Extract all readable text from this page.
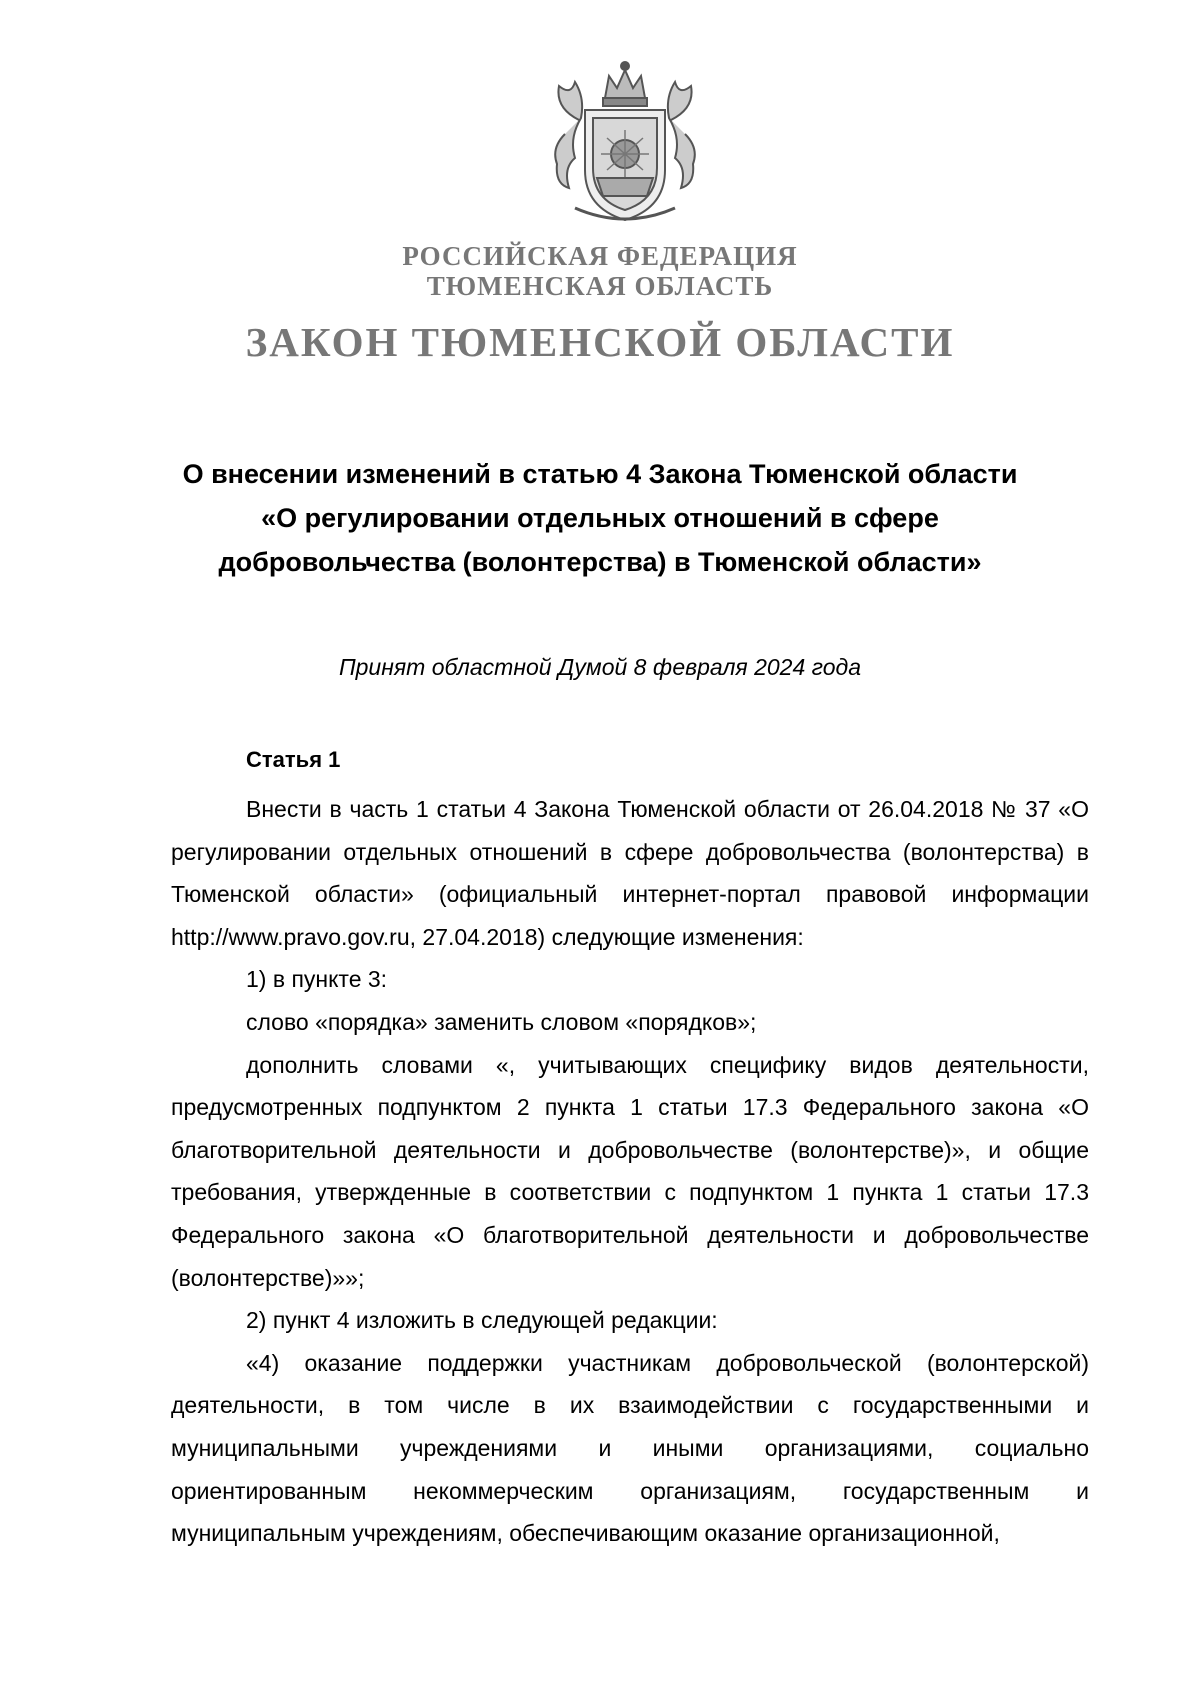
РОССИЙСКАЯ ФЕДЕРАЦИЯ
ТЮМЕНСКАЯ ОБЛАСТЬ
ЗАКОН ТЮМЕНСКОЙ ОБЛАСТИ
О внесении изменений в статью 4 Закона Тюменской области
«О регулировании отдельных отношений в сфере
добровольчества (волонтерства) в Тюменской области»
Принят областной Думой 8 февраля 2024 года
Статья 1

Внести в часть 1 статьи 4 Закона Тюменской области от 26.04.2018 № 37 «О регулировании отдельных отношений в сфере добровольчества (волонтерства) в Тюменской области» (официальный интернет-портал правовой информации http://www.pravo.gov.ru, 27.04.2018) следующие изменения:

1) в пункте 3:

слово «порядка» заменить словом «порядков»;

дополнить словами «, учитывающих специфику видов деятельности, предусмотренных подпунктом 2 пункта 1 статьи 17.3 Федерального закона «О благотворительной деятельности и добровольчестве (волонтерстве)», и общие требования, утвержденные в соответствии с подпунктом 1 пункта 1 статьи 17.3 Федерального закона «О благотворительной деятельности и добровольчестве (волонтерстве)»»;

2) пункт 4 изложить в следующей редакции:

«4) оказание поддержки участникам добровольческой (волонтерской) деятельности, в том числе в их взаимодействии с государственными и муниципальными учреждениями и иными организациями, социально ориентированным некоммерческим организациям, государственным и муниципальным учреждениям, обеспечивающим оказание организационной,
